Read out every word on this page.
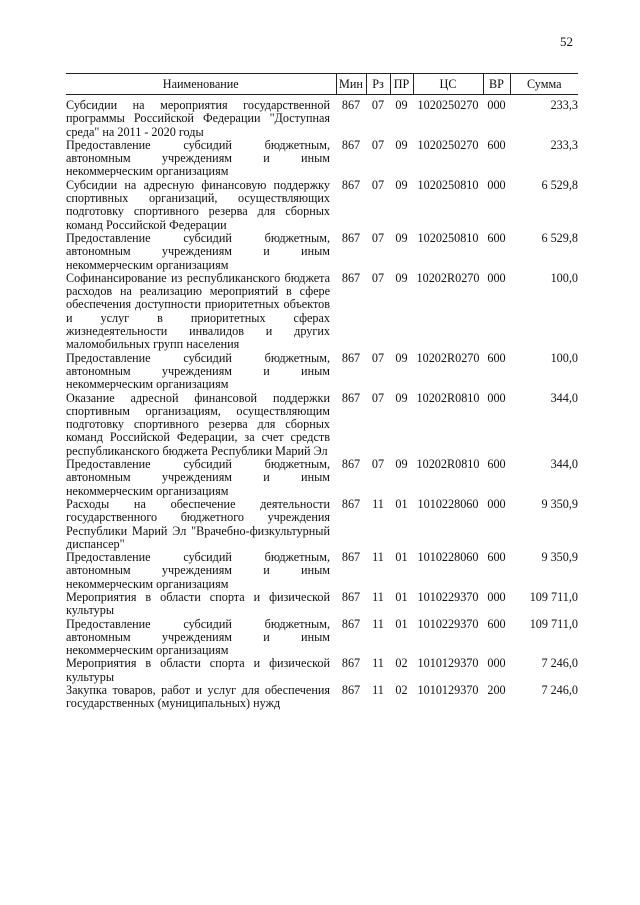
52
Наименование	Мин	Рз	ПР	ЦС	ВР	Сумма
Субсидии на мероприятия государственной программы Российской Федерации "Доступная среда" на 2011 - 2020 годы	867	07	09	1020250270	000	233,3
Предоставление субсидий бюджетным, автономным учреждениям и иным некоммерческим организациям	867	07	09	1020250270	600	233,3
Субсидии на адресную финансовую поддержку спортивных организаций, осуществляющих подготовку спортивного резерва для сборных команд Российской Федерации	867	07	09	1020250810	000	6 529,8
Предоставление субсидий бюджетным, автономным учреждениям и иным некоммерческим организациям	867	07	09	1020250810	600	6 529,8
Софинансирование из республиканского бюджета расходов на реализацию мероприятий в сфере обеспечения доступности приоритетных объектов и услуг в приоритетных сферах жизнедеятельности инвалидов и других маломобильных групп населения	867	07	09	10202R0270	000	100,0
Предоставление субсидий бюджетным, автономным учреждениям и иным некоммерческим организациям	867	07	09	10202R0270	600	100,0
Оказание адресной финансовой поддержки спортивным организациям, осуществляющим подготовку спортивного резерва для сборных команд Российской Федерации, за счет средств республиканского бюджета Республики Марий Эл	867	07	09	10202R0810	000	344,0
Предоставление субсидий бюджетным, автономным учреждениям и иным некоммерческим организациям	867	07	09	10202R0810	600	344,0
Расходы на обеспечение деятельности государственного бюджетного учреждения Республики Марий Эл "Врачебно-физкультурный диспансер"	867	11	01	1010228060	000	9 350,9
Предоставление субсидий бюджетным, автономным учреждениям и иным некоммерческим организациям	867	11	01	1010228060	600	9 350,9
Мероприятия в области спорта и физической культуры	867	11	01	1010229370	000	109 711,0
Предоставление субсидий бюджетным, автономным учреждениям и иным некоммерческим организациям	867	11	01	1010229370	600	109 711,0
Мероприятия в области спорта и физической культуры	867	11	02	1010129370	000	7 246,0
Закупка товаров, работ и услуг для обеспечения государственных (муниципальных) нужд	867	11	02	1010129370	200	7 246,0
